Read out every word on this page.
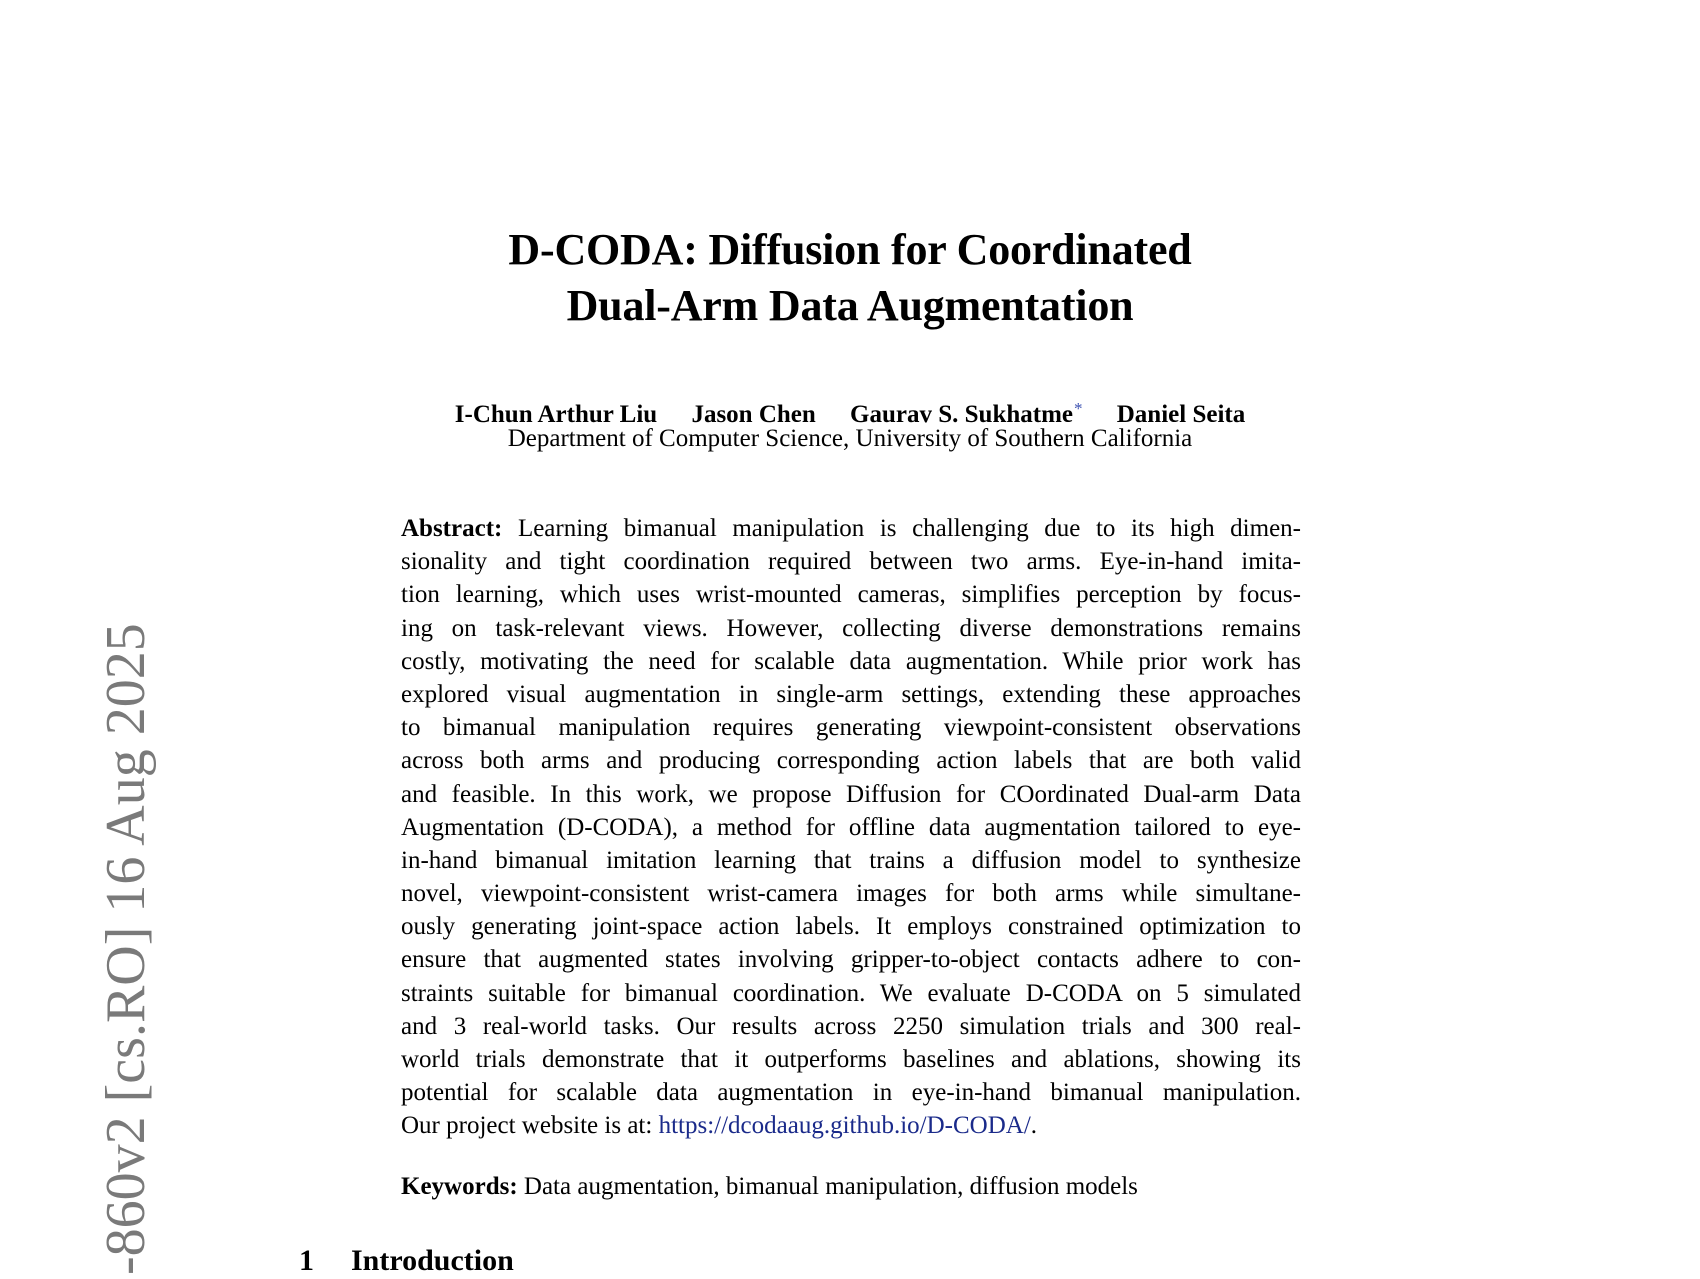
-860v2 [cs.RO] 16 Aug 2025
D-CODA: Diffusion for Coordinated
Dual-Arm Data Augmentation
I-Chun Arthur Liu Jason Chen Gaurav S. Sukhatme* Daniel Seita
Department of Computer Science, University of Southern California
Abstract: Learning bimanual manipulation is challenging due to its high dimen-
sionality and tight coordination required between two arms. Eye-in-hand imita-
tion learning, which uses wrist-mounted cameras, simplifies perception by focus-
ing on task-relevant views. However, collecting diverse demonstrations remains
costly, motivating the need for scalable data augmentation. While prior work has
explored visual augmentation in single-arm settings, extending these approaches
to bimanual manipulation requires generating viewpoint-consistent observations
across both arms and producing corresponding action labels that are both valid
and feasible. In this work, we propose Diffusion for COordinated Dual-arm Data
Augmentation (D-CODA), a method for offline data augmentation tailored to eye-
in-hand bimanual imitation learning that trains a diffusion model to synthesize
novel, viewpoint-consistent wrist-camera images for both arms while simultane-
ously generating joint-space action labels. It employs constrained optimization to
ensure that augmented states involving gripper-to-object contacts adhere to con-
straints suitable for bimanual coordination. We evaluate D-CODA on 5 simulated
and 3 real-world tasks. Our results across 2250 simulation trials and 300 real-
world trials demonstrate that it outperforms baselines and ablations, showing its
potential for scalable data augmentation in eye-in-hand bimanual manipulation.
Our project website is at: https://dcodaaug.github.io/D-CODA/.
Keywords: Data augmentation, bimanual manipulation, diffusion models
1 Introduction
